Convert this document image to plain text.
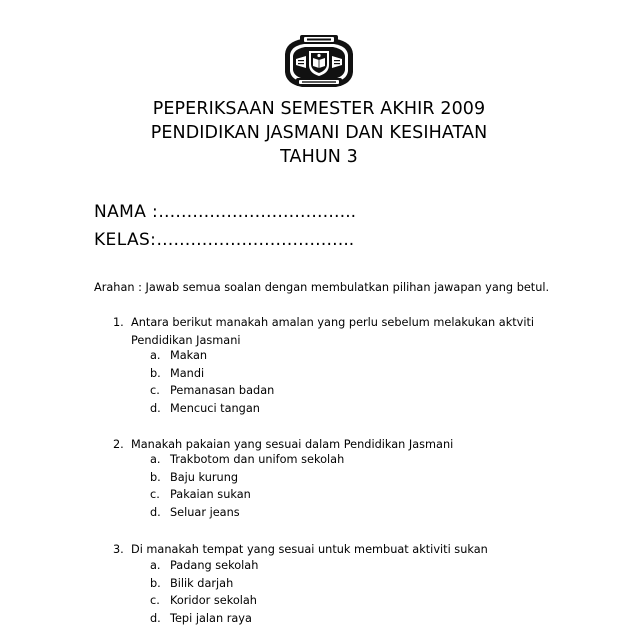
PEPERIKSAAN SEMESTER AKHIR 2009
PENDIDIKAN JASMANI DAN KESIHATAN
TAHUN 3
NAMA :……………………………..
KELAS:……………………………..
Arahan : Jawab semua soalan dengan membulatkan pilihan jawapan yang betul.
1. Antara berikut manakah amalan yang perlu sebelum melakukan aktviti
Pendidikan Jasmani
a. Makan
b. Mandi
c. Pemanasan badan
d. Mencuci tangan
2. Manakah pakaian yang sesuai dalam Pendidikan Jasmani
a. Trakbotom dan unifom sekolah
b. Baju kurung
c. Pakaian sukan
d. Seluar jeans
3. Di manakah tempat yang sesuai untuk membuat aktiviti sukan
a. Padang sekolah
b. Bilik darjah
c. Koridor sekolah
d. Tepi jalan raya
